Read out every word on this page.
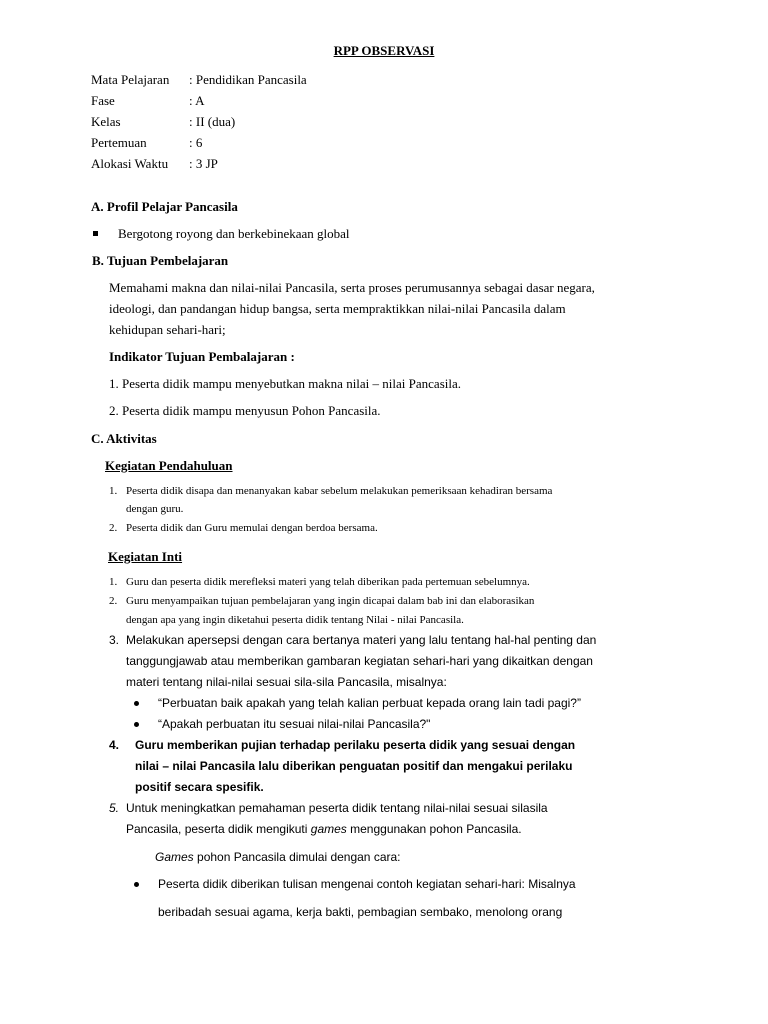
RPP OBSERVASI
Mata Pelajaran : Pendidikan Pancasila
Fase	: A
Kelas	: II (dua)
Pertemuan	: 6
Alokasi Waktu : 3 JP
A. Profil Pelajar Pancasila
Bergotong royong dan berkebinekaan global
B. Tujuan Pembelajaran
Memahami makna dan nilai-nilai Pancasila, serta proses perumusannya sebagai dasar negara,
ideologi, dan pandangan hidup bangsa, serta mempraktikkan nilai-nilai Pancasila dalam
kehidupan sehari-hari;
Indikator Tujuan Pembalajaran :
1. Peserta didik mampu menyebutkan makna nilai – nilai Pancasila.
2. Peserta didik mampu menyusun Pohon Pancasila.
C. Aktivitas
Kegiatan Pendahuluan
1. Peserta didik disapa dan menanyakan kabar sebelum melakukan pemeriksaan kehadiran bersama
dengan guru.
2. Peserta didik dan Guru memulai dengan berdoa bersama.
Kegiatan Inti
1. Guru dan peserta didik merefleksi materi yang telah diberikan pada pertemuan sebelumnya.
2. Guru menyampaikan tujuan pembelajaran yang ingin dicapai dalam bab ini dan elaborasikan
dengan apa yang ingin diketahui peserta didik tentang Nilai - nilai Pancasila.
3. Melakukan apersepsi dengan cara bertanya materi yang lalu tentang hal-hal penting dan
tanggungjawab atau memberikan gambaran kegiatan sehari-hari yang dikaitkan dengan
materi tentang nilai-nilai sesuai sila-sila Pancasila, misalnya:
“Perbuatan baik apakah yang telah kalian perbuat kepada orang lain tadi pagi?”
“Apakah perbuatan itu sesuai nilai-nilai Pancasila?"
4. Guru memberikan pujian terhadap perilaku peserta didik yang sesuai dengan
nilai – nilai Pancasila lalu diberikan penguatan positif dan mengakui perilaku
positif secara spesifik.
5. Untuk meningkatkan pemahaman peserta didik tentang nilai-nilai sesuai silasila
Pancasila, peserta didik mengikuti games menggunakan pohon Pancasila.
Games pohon Pancasila dimulai dengan cara:
Peserta didik diberikan tulisan mengenai contoh kegiatan sehari-hari: Misalnya
beribadah sesuai agama, kerja bakti, pembagian sembako, menolong orang
